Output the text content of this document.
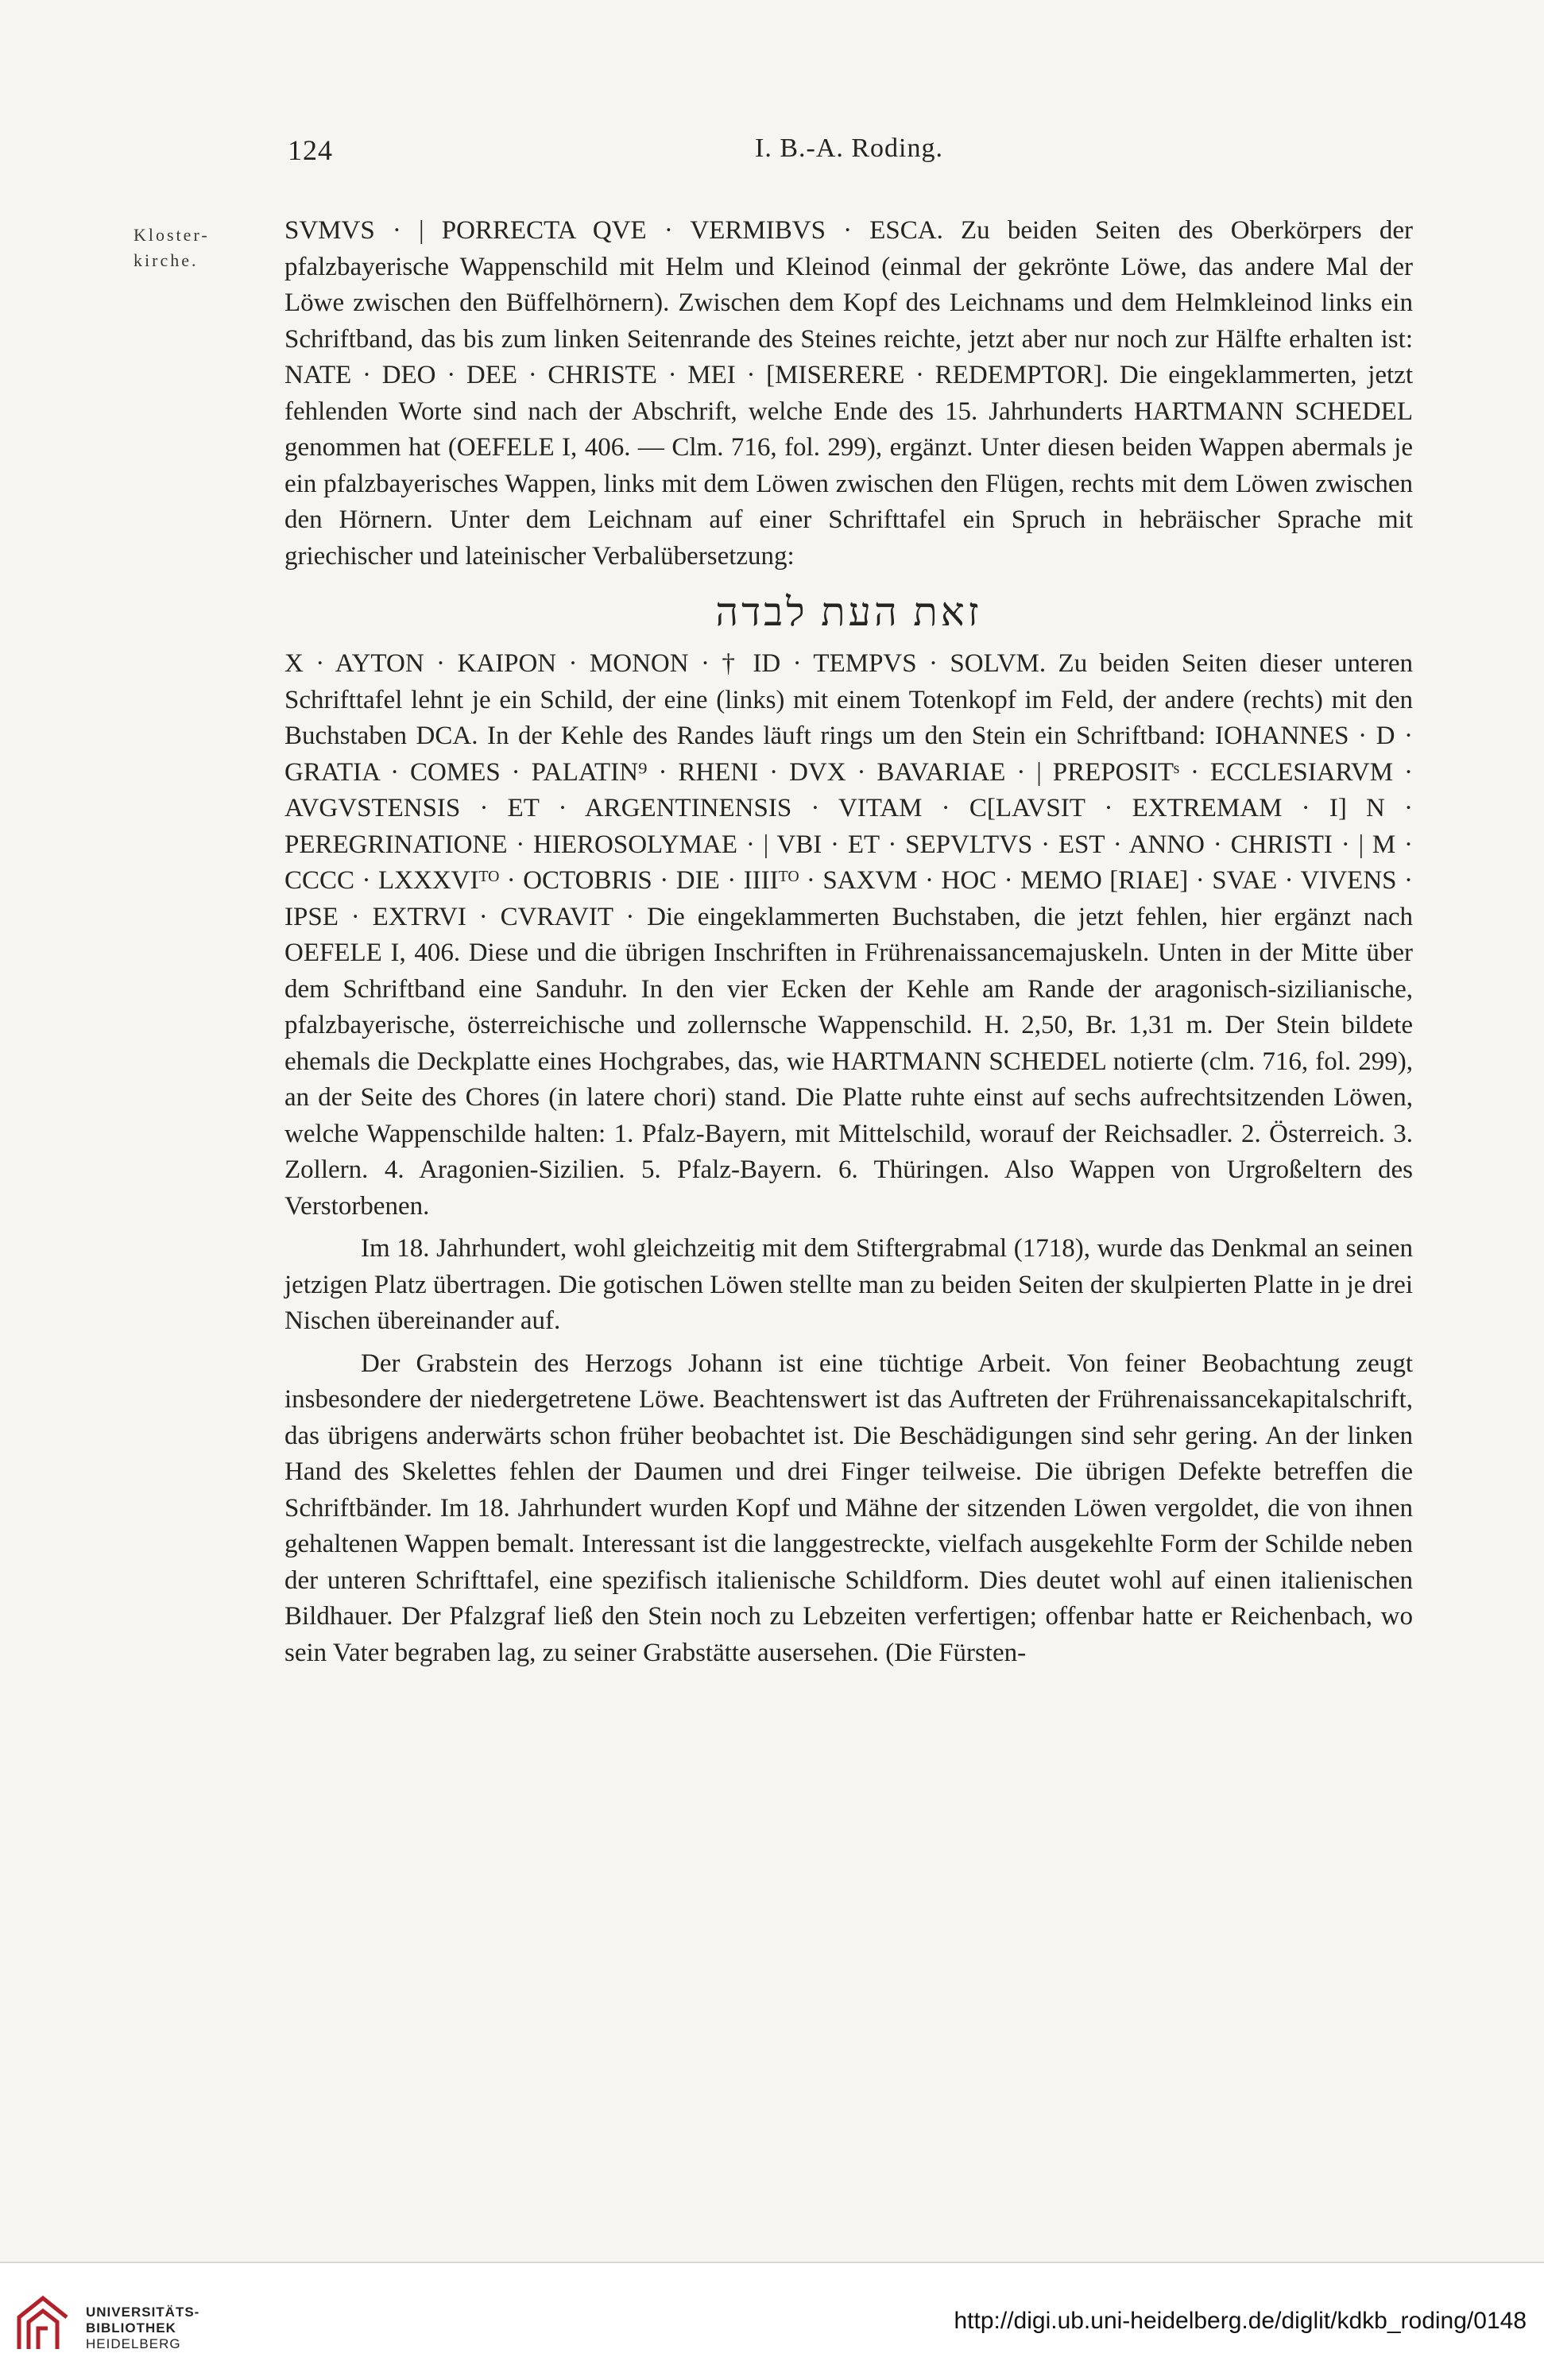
124	I. B.-A. Roding.
Kloster-
kirche.

SVMVS · | PORRECTA QVE · VERMIBVS · ESCA. Zu beiden Seiten des Oberkörpers der pfalzbayerische Wappenschild mit Helm und Kleinod (einmal der gekrönte Löwe, das andere Mal der Löwe zwischen den Büffelhörnern). Zwischen dem Kopf des Leichnams und dem Helmkleinod links ein Schriftband, das bis zum linken Seitenrande des Steines reichte, jetzt aber nur noch zur Hälfte erhalten ist: NATE · DEO · DEE · CHRISTE · MEI · [MISERERE · REDEMPTOR]. Die eingeklammerten, jetzt fehlenden Worte sind nach der Abschrift, welche Ende des 15. Jahrhunderts HARTMANN SCHEDEL genommen hat (OEFELE I, 406. — Clm. 716, fol. 299), ergänzt. Unter diesen beiden Wappen abermals je ein pfalzbayerisches Wappen, links mit dem Löwen zwischen den Flügen, rechts mit dem Löwen zwischen den Hörnern. Unter dem Leichnam auf einer Schrifttafel ein Spruch in hebräischer Sprache mit griechischer und lateinischer Verbalübersetzung:

זאת העת לבדה

X · AYTON · KAIPON · MONON · † ID · TEMPVS · SOLVM. Zu beiden Seiten dieser unteren Schrifttafel lehnt je ein Schild, der eine (links) mit einem Totenkopf im Feld, der andere (rechts) mit den Buchstaben DCA. In der Kehle des Randes läuft rings um den Stein ein Schriftband: IOHANNES · D · GRATIA · COMES · PALATIN⁹ · RHENI · DVX · BAVARIAE · | PREPOSITˢ · ECCLESIARVM · AVGVSTENSIS · ET · ARGENTINENSIS · VITAM · C[LAVSIT · EXTREMAM · I] N · PEREGRINATIONE · HIEROSOLYMAE · | VBI · ET · SEPVLTVS · EST · ANNO · CHRISTI · | M · CCCC · LXXXVIᵀᴼ · OCTOBRIS · DIE · IIIIᵀᴼ · SAXVM · HOC · MEMO [RIAE] · SVAE · VIVENS · IPSE · EXTRVI · CVRAVIT · Die eingeklammerten Buchstaben, die jetzt fehlen, hier ergänzt nach OEFELE I, 406. Diese und die übrigen Inschriften in Frührenaissancemajuskeln. Unten in der Mitte über dem Schriftband eine Sanduhr. In den vier Ecken der Kehle am Rande der aragonisch-sizilianische, pfalzbayerische, österreichische und zollernsche Wappenschild. H. 2,50, Br. 1,31 m. Der Stein bildete ehemals die Deckplatte eines Hochgrabes, das, wie HARTMANN SCHEDEL notierte (clm. 716, fol. 299), an der Seite des Chores (in latere chori) stand. Die Platte ruhte einst auf sechs aufrechtsitzenden Löwen, welche Wappenschilde halten: 1. Pfalz-Bayern, mit Mittelschild, worauf der Reichsadler. 2. Österreich. 3. Zollern. 4. Aragonien-Sizilien. 5. Pfalz-Bayern. 6. Thüringen. Also Wappen von Urgroßeltern des Verstorbenen.

Im 18. Jahrhundert, wohl gleichzeitig mit dem Stiftergrabmal (1718), wurde das Denkmal an seinen jetzigen Platz übertragen. Die gotischen Löwen stellte man zu beiden Seiten der skulpierten Platte in je drei Nischen übereinander auf.

Der Grabstein des Herzogs Johann ist eine tüchtige Arbeit. Von feiner Beobachtung zeugt insbesondere der niedergetretene Löwe. Beachtenswert ist das Auftreten der Frührenaissancekapitalschrift, das übrigens anderwärts schon früher beobachtet ist. Die Beschädigungen sind sehr gering. An der linken Hand des Skelettes fehlen der Daumen und drei Finger teilweise. Die übrigen Defekte betreffen die Schriftbänder. Im 18. Jahrhundert wurden Kopf und Mähne der sitzenden Löwen vergoldet, die von ihnen gehaltenen Wappen bemalt. Interessant ist die langgestreckte, vielfach ausgekehlte Form der Schilde neben der unteren Schrifttafel, eine spezifisch italienische Schildform. Dies deutet wohl auf einen italienischen Bildhauer. Der Pfalzgraf ließ den Stein noch zu Lebzeiten verfertigen; offenbar hatte er Reichenbach, wo sein Vater begraben lag, zu seiner Grabstätte ausersehen. (Die Fürsten-

UNIVERSITÄTS-
BIBLIOTHEK
HEIDELBERG
http://digi.ub.uni-heidelberg.de/diglit/kdkb_roding/0148
